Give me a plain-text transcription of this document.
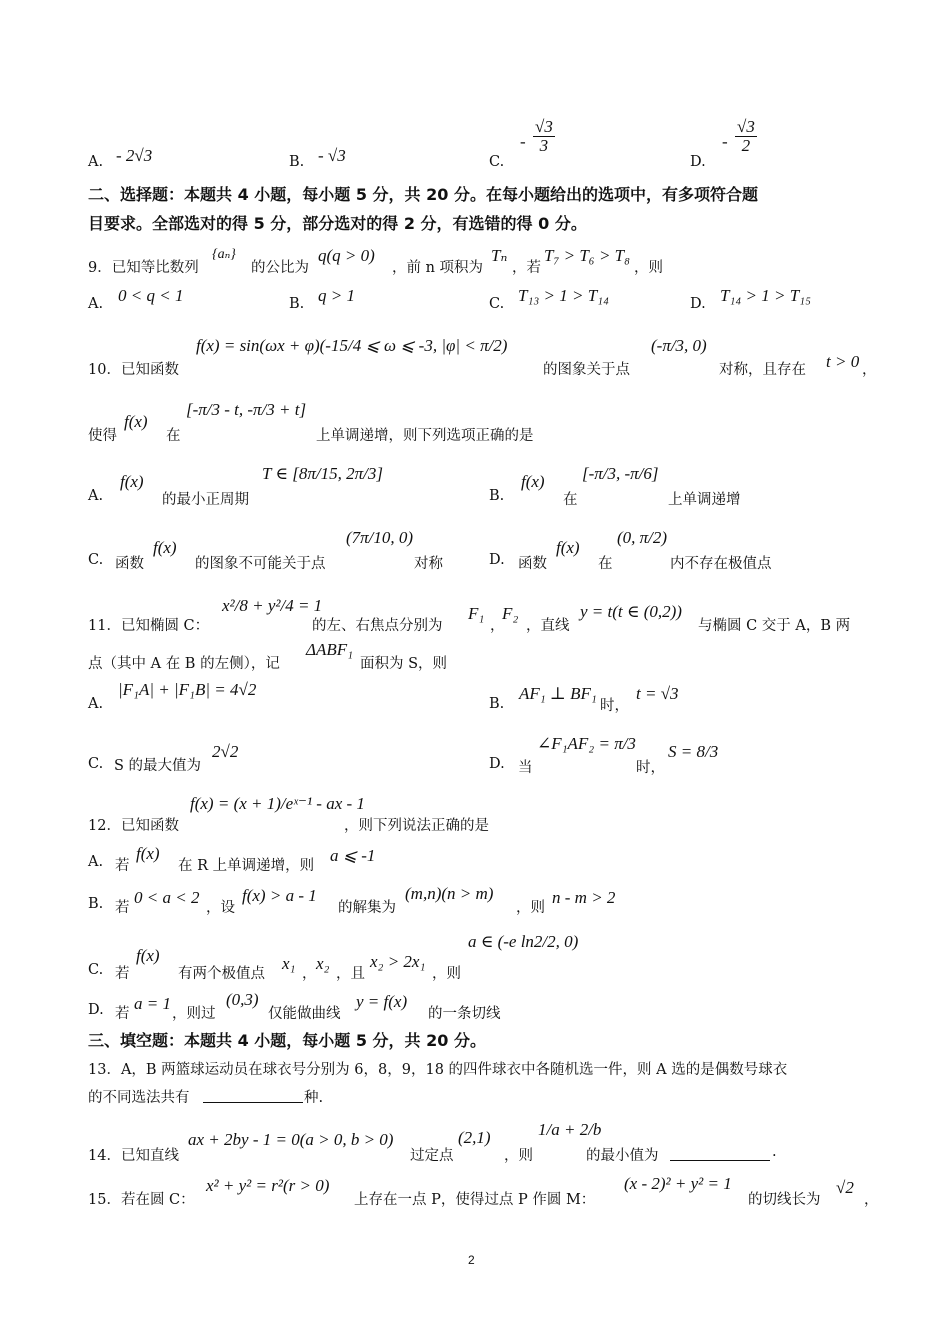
A. - 2√3	B. - √3	C.
- $\frac{√3}{3}$
D.
- $\frac{√3}{2}$
二、选择题：本题共 4 小题，每小题 5 分，共 20 分。在每小题给出的选项中，有多项符合题
目要求。全部选对的得 5 分，部分选对的得 2 分，有选错的得 0 分。
9．已知等比数列
{aₙ}
的公比为
q(q > 0)
，前 n 项积为
Tₙ
，若
T₇ > T₆ > T₈
，则
A. 0 < q < 1	B. q > 1	C. T₁₃ > 1 > T₁₄	D. T₁₄ > 1 > T₁₅
10．已知函数
f(x) = sin(ωx + φ)(-15/4 ⩽ ω ⩽ -3, |φ| < π/2)
的图象关于点
(-π/3, 0)
对称，且存在 t > 0 ，
使得
f(x)
在
[-π/3 - t, -π/3 + t]
上单调递增，则下列选项正确的是
A.
f(x)
的最小正周期
T ∈ [8π/15, 2π/3]
B.
f(x)
在
[-π/3, -π/6]
上单调递增
C. 函数
f(x)
的图象不可能关于点
(7π/10, 0)
对称	D. 函数
f(x)
在
(0, π/2)
内不存在极值点
11．已知椭圆 C：
x²/8 + y²/4 = 1
的左、右焦点分别为
F₁
，
F₂
，直线
y = t(t ∈ (0,2))
与椭圆 C 交于 A，B 两
点（其中 A 在 B 的左侧），记
ΔABF₁
面积为 S，则
A.
|F₁A| + |F₁B| = 4√2
B.
AF₁ ⊥ BF₁
时，
t = √3
C. S 的最大值为
2√2
D. 当
∠F₁AF₂ = π/3
时，
S = 8/3
12．已知函数
f(x) = (x + 1)/eˣ⁻¹ - ax - 1
，则下列说法正确的是
A. 若
f(x)
在 R 上单调递增，则
a ⩽ -1
B. 若
0 < a < 2
，设
f(x) > a - 1
的解集为
(m,n)(n > m)
，则
n - m > 2
C. 若
f(x)
有两个极值点
x₁
，
x₂
，且
x₂ > 2x₁
，则
a ∈ (-e ln2/2, 0)
D. 若
a = 1
，则过
(0,3)
仅能做曲线
y = f(x)
的一条切线
三、填空题：本题共 4 小题，每小题 5 分，共 20 分。
13．A，B 两篮球运动员在球衣号分别为 6，8，9，18 的四件球衣中各随机选一件，则 A 选的是偶数号球衣
的不同选法共有	种.
14．已知直线
ax + 2by - 1 = 0(a > 0, b > 0)
过定点
(2,1)
，则
1/a + 2/b
的最小值为	.
15．若在圆 C：
x² + y² = r²(r > 0)
上存在一点 P，使得过点 P 作圆 M：
(x - 2)² + y² = 1
的切线长为
√2
，
2
